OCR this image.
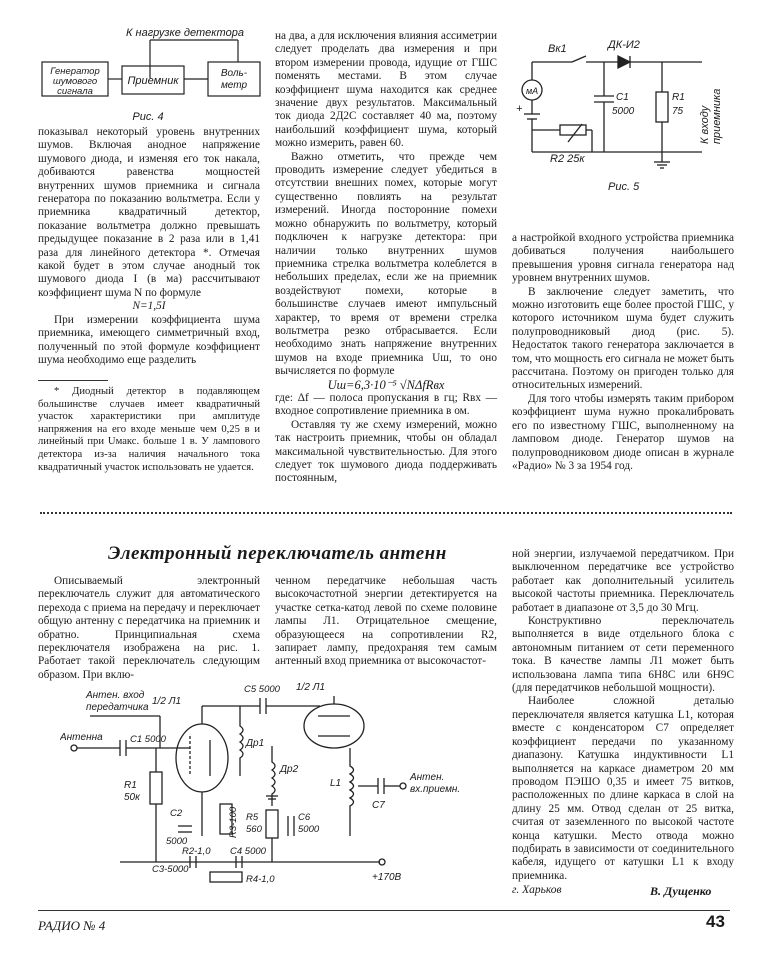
К нагрузке детектора
Генератор
шумового
сигнала
Приемник
Воль-
метр
Рис. 4

показывал некоторый уровень внутренних шумов. Включая анодное напряжение шумового диода, и изменяя его ток накала, добиваются равенства мощностей внутренних шумов приемника и сигнала генератора по показанию вольтметра. Если у приемника квадратичный детектор, показание вольтметра должно превышать предыдущее показание в 2 раза или в 1,41 раза для линейного детектора *. Отмечая какой будет в этом случае анодный ток шумового диода I (в ма) рассчитывают коэффициент шума N по формуле

N=1,5I

При измерении коэффициента шума приемника, имеющего симметричный вход, полученный по этой формуле коэффициент шума необходимо еще разделить

* Диодный детектор в подавляющем большинстве случаев имеет квадратичный участок характеристики при амплитуде напряжения на его входе меньше чем 0,25 в и линейный при Uмакс. больше 1 в. У лампового детектора из-за наличия начального тока квадратичный участок использовать не удается.

на два, а для исключения влияния ассиметрии следует проделать два измерения и при втором измерении провода, идущие от ГШС поменять местами. В этом случае коэффициент шума находится как среднее значение двух результатов. Максимальный ток диода 2Д2С составляет 40 ма, поэтому наибольший коэффициент шума, который можно измерить, равен 60.

Важно отметить, что прежде чем проводить измерение следует убедиться в отсутствии внешних помех, которые могут существенно повлиять на результат измерений. Иногда посторонние помехи можно обнаружить по вольтметру, который подключен к нагрузке детектора: при наличии только внутренних шумов приемника стрелка вольтметра колеблется в небольших пределах, если же на приемник воздействуют помехи, которые в большинстве случаев имеют импульсный характер, то время от времени стрелка вольтметра резко отбрасывается. Если необходимо знать напряжение внутренних шумов на входе приемника Uш, то оно вычисляется по формуле

Uш=6,3·10⁻⁵ √NΔfRвх

где: Δf — полоса пропускания в гц; Rвх — входное сопротивление приемника в ом.

Оставляя ту же схему измерений, можно так настроить приемник, чтобы он обладал максимальной чувствительностью. Для этого следует ток шумового диода поддерживать постоянным,

Вк1	ДК-И2
мА
+
C1
5000
R1
75
R2 25к
К входу приемника
Рис. 5

а настройкой входного устройства приемника добиваться получения наибольшего превышения уровня сигнала генератора над уровнем внутренних шумов.

В заключение следует заметить, что можно изготовить еще более простой ГШС, у которого источником шума будет служить полупроводниковый диод (рис. 5). Недостаток такого генератора заключается в том, что мощность его сигнала не может быть рассчитана. Поэтому он пригоден только для относительных измерений.

Для того чтобы измерять таким прибором коэффициент шума нужно прокалибровать его по известному ГШС, выполненному на ламповом диоде. Генератор шумов на полупроводниковом диоде описан в журнале «Радио» № 3 за 1954 год.

Электронный переключатель антенн

Описываемый электронный переключатель служит для автоматического перехода с приема на передачу и переключает общую антенну с передатчика на приемник и обратно. Принципиальная схема переключателя изображена на рис. 1. Работает такой переключатель следующим образом. При вклю-

ченном передатчике небольшая часть высокочастотной энергии детектируется на участке сетка-катод левой по схеме половине лампы Л1. Отрицательное смещение, образующееся на сопротивлении R2, запирает лампу, предохраняя тем самым антенный вход приемника от высокочастот-

ной энергии, излучаемой передатчиком. При выключенном передатчике все устройство работает как дополнительный усилитель высокой частоты приемника. Переключатель работает в диапазоне от 3,5 до 30 Мгц.

Конструктивно переключатель выполняется в виде отдельного блока с автономным питанием от сети переменного тока. В качестве лампы Л1 может быть использована лампа типа 6Н8С или 6Н9С (для передатчиков небольшой мощности).

Наиболее сложной деталью переключателя является катушка L1, которая вместе с конденсатором C7 определяет коэффициент передачи по указанному диапазону. Катушка индуктивности L1 выполняется на каркасе диаметром 20 мм проводом ПЭШО 0,35 и имеет 75 витков, расположенных по длине каркаса в слой на длину 25 мм. Отвод сделан от 25 витка, считая от заземленного по высокой частоте конца катушки. Место отвода можно подбирать в зависимости от соединительного кабеля, идущего от катушки L1 к входу приемника.

г. Харьков	В. Дущенко
Антен. вход
передатчика
1/2 Л1
1/2 Л1
Антенна	C1 5000
C5 5000
Др1
Др2
R1
50к
C2
5000
R3-100 R5
560
C6
5000
L1
C7
Антен.
вх.приемн.
R2-1,0
C3-5000
C4 5000
R4-1,0	+170В
РАДИО № 4	43
